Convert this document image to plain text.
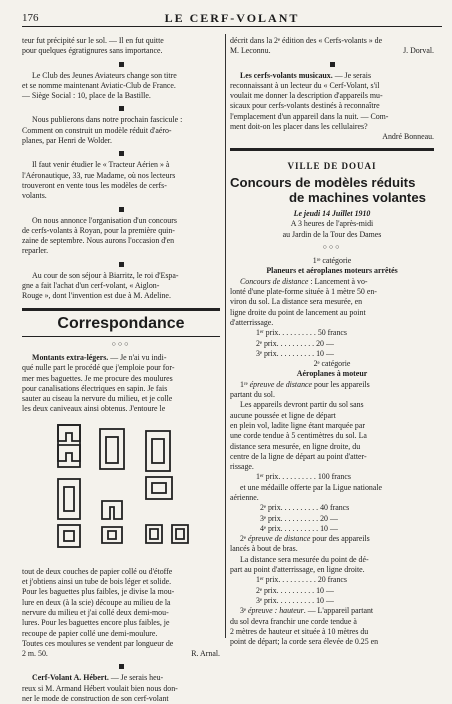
176	LE CERF-VOLANT

teur fut précipité sur le sol. — Il en fut quitte

pour quelques égratignures sans importance.

Le Club des Jeunes Aviateurs change son titre

et se nomme maintenant Aviatic-Club de France.

— Siège Social : 10, place de la Bastille.

Nous publierons dans notre prochain fascicule :

Comment on construit un modèle réduit d'aéro-

planes, par Henri de Wolder.

Il faut venir étudier le « Tracteur Aérien » à

l'Aéronautique, 33, rue Madame, où nos lecteurs

trouveront en vente tous les modèles de cerfs-

volants.

On nous annonce l'organisation d'un concours

de cerfs-volants à Royan, pour la première quin-

zaine de septembre. Nous aurons l'occasion d'en

reparler.

Au cour de son séjour à Biarritz, le roi d'Espa-

gne a fait l'achat d'un cerf-volant, « Aiglon-

Rouge », dont l'invention est due à M. Adeline.

Correspondance
○○○

Montants extra-légers. — Je n'ai vu indi-

qué nulle part le procédé que j'emploie pour for-

mer mes baguettes. Je me procure des moulures

pour canalisations électriques en sapin. Je fais

sauter au ciseau la nervure du milieu, et je colle

les deux caniveaux ainsi obtenus. J'entoure le

tout de deux couches de papier collé ou d'étoffe

et j'obtiens ainsi un tube de bois léger et solide.

Pour les baguettes plus faibles, je divise la mou-

lure en deux (à la scie) découpe au milieu de la

nervure du milieu et j'ai collé deux demi-mou-

lures. Pour les baguettes encore plus faibles, je

recoupe de papier collé une demi-moulure.

Toutes ces moulures se vendent par longueur de

2 m. 50.	R. Arnal.

Cerf-Volant A. Hébert. — Je serais heu-

reux si M. Armand Hébert voulait bien nous don-

ner le mode de construction de son cerf-volant

décrit dans la 2ᵉ édition des « Cerfs-volants » de

M. Leconnu.	J. Dorval.

Les cerfs-volants musicaux. — Je serais

reconnaissant à un lecteur du « Cerf-Volant, s'il

voulait me donner la description d'appareils mu-

sicaux pour cerfs-volants destinés à reconnaître

l'emplacement d'un appareil dans la nuit. — Com-

ment doit-on les placer dans les cellulaires?

André Bonneau.

VILLE DE DOUAI
Concours de modèles réduits
de machines volantes

Le jeudi 14 Juillet 1910

A 3 heures de l'après-midi

au Jardin de la Tour des Dames

○○○

1ʳᵉ catégorie

Planeurs et aéroplanes moteurs arrêtés

Concours de distance : Lancement à vo-

lonté d'une plate-forme située à 1 mètre 50 en-

viron du sol. La distance sera mesurée, en

ligne droite du point de lancement au point

d'atterrissage.

1ᵉʳ prix. . . . . . . . . . 50 francs

2ᵉ prix. . . . . . . . . . 20 —

3ᵉ prix. . . . . . . . . . 10 —

2ᵉ catégorie

Aéroplanes à moteur

1ʳᵉ épreuve de distance pour les appareils

partant du sol.

Les appareils devront partir du sol sans

aucune poussée et ligne de départ

en plein vol, ladite ligne étant marquée par

une corde tendue à 5 centimètres du sol. La

distance sera mesurée, en ligne droite, du

centre de la ligne de départ au point d'atter-

rissage.

1ᵉʳ prix. . . . . . . . . . 100 francs

et une médaille offerte par la Ligue nationale

aérienne.

2ᵉ prix. . . . . . . . . . 40 francs

3ᵉ prix. . . . . . . . . . 20 —

4ᵉ prix. . . . . . . . . . 10 —

2ᵉ épreuve de distance pour des appareils

lancés à bout de bras.

La distance sera mesurée du point de dé-

part au point d'atterrissage, en ligne droite.

1ᵉʳ prix. . . . . . . . . . 20 francs

2ᵉ prix. . . . . . . . . . 10 —

3ᵉ prix. . . . . . . . . . 10 —

3ᵉ épreuve : hauteur. — L'appareil partant

du sol devra franchir une corde tendue à

2 mètres de hauteur et située à 10 mètres du

point de départ; la corde sera élevée de 0.25 en
